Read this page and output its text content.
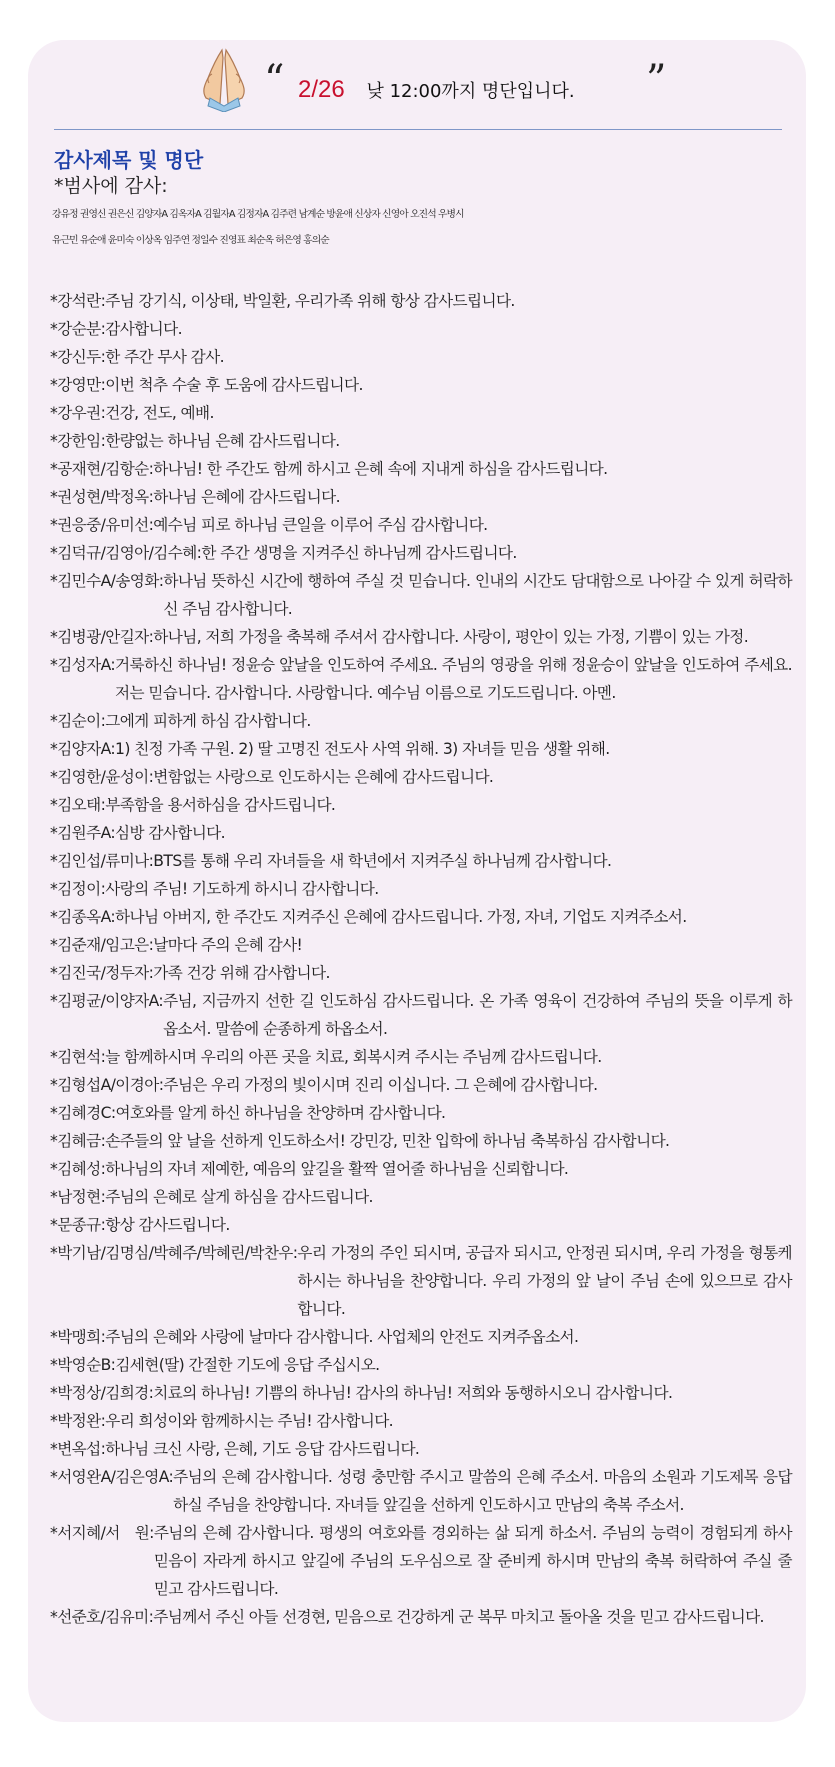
“ 2/26 낮 12:00까지 명단입니다. ”
감사제목 및 명단
*범사에 감사:
강유정 권영신 권은신 김양자A 김옥자A 김월자A 김정자A 김주련 남계순 방윤애 신상자 신영아 오진석 우병시
유근민 유순애 윤미숙 이상옥 임주연 정일수 진영표 최순옥 허은영 홍의순
*강석란: 주님 강기식, 이상태, 박일환, 우리가족 위해 항상 감사드립니다.
*강순분: 감사합니다.
*강신두: 한 주간 무사 감사.
*강영만: 이번 척추 수술 후 도움에 감사드립니다.
*강우권: 건강, 전도, 예배.
*강한임: 한량없는 하나님 은혜 감사드립니다.
*공재현/김항순: 하나님! 한 주간도 함께 하시고 은혜 속에 지내게 하심을 감사드립니다.
*권성현/박정옥: 하나님 은혜에 감사드립니다.
*권응중/유미선: 예수님 피로 하나님 큰일을 이루어 주심 감사합니다.
*김덕규/김영아/김수혜: 한 주간 생명을 지켜주신 하나님께 감사드립니다.
*김민수A/송영화: 하나님 뜻하신 시간에 행하여 주실 것 믿습니다. 인내의 시간도 담대함으로 나아갈 수 있게 허락하신 주님 감사합니다.
*김병광/안길자: 하나님, 저희 가정을 축복해 주셔서 감사합니다. 사랑이, 평안이 있는 가정, 기쁨이 있는 가정.
*김성자A: 거룩하신 하나님! 정윤승 앞날을 인도하여 주세요. 주님의 영광을 위해 정윤승이 앞날을 인도하여 주세요. 저는 믿습니다. 감사합니다. 사랑합니다. 예수님 이름으로 기도드립니다. 아멘.
*김순이: 그에게 피하게 하심 감사합니다.
*김양자A: 1) 친정 가족 구원. 2) 딸 고명진 전도사 사역 위해. 3) 자녀들 믿음 생활 위해.
*김영한/윤성이: 변함없는 사랑으로 인도하시는 은혜에 감사드립니다.
*김오태: 부족함을 용서하심을 감사드립니다.
*김원주A: 심방 감사합니다.
*김인섭/류미나: BTS를 통해 우리 자녀들을 새 학년에서 지켜주실 하나님께 감사합니다.
*김정이: 사랑의 주님! 기도하게 하시니 감사합니다.
*김종옥A: 하나님 아버지, 한 주간도 지켜주신 은혜에 감사드립니다. 가정, 자녀, 기업도 지켜주소서.
*김준재/임고은: 날마다 주의 은혜 감사!
*김진국/정두자: 가족 건강 위해 감사합니다.
*김평균/이양자A: 주님, 지금까지 선한 길 인도하심 감사드립니다. 온 가족 영육이 건강하여 주님의 뜻을 이루게 하옵소서. 말씀에 순종하게 하옵소서.
*김현석: 늘 함께하시며 우리의 아픈 곳을 치료, 회복시켜 주시는 주님께 감사드립니다.
*김형섭A/이경아: 주님은 우리 가정의 빛이시며 진리 이십니다. 그 은혜에 감사합니다.
*김혜경C: 여호와를 알게 하신 하나님을 찬양하며 감사합니다.
*김혜금: 손주들의 앞 날을 선하게 인도하소서! 강민강, 민찬 입학에 하나님 축복하심 감사합니다.
*김혜성: 하나님의 자녀 제예한, 예음의 앞길을 활짝 열어줄 하나님을 신뢰합니다.
*남정현: 주님의 은혜로 살게 하심을 감사드립니다.
*문종규: 항상 감사드립니다.
*박기남/김명심/박혜주/박혜린/박찬우: 우리 가정의 주인 되시며, 공급자 되시고, 안정권 되시며, 우리 가정을 형통케 하시는 하나님을 찬양합니다. 우리 가정의 앞 날이 주님 손에 있으므로 감사합니다.
*박맹희: 주님의 은혜와 사랑에 날마다 감사합니다. 사업체의 안전도 지켜주옵소서.
*박영순B: 김세현(딸) 간절한 기도에 응답 주십시오.
*박정상/김희경: 치료의 하나님! 기쁨의 하나님! 감사의 하나님! 저희와 동행하시오니 감사합니다.
*박정완: 우리 희성이와 함께하시는 주님! 감사합니다.
*변옥섭: 하나님 크신 사랑, 은혜, 기도 응답 감사드립니다.
*서영완A/김은영A: 주님의 은혜 감사합니다. 성령 충만함 주시고 말씀의 은혜 주소서. 마음의 소원과 기도제목 응답하실 주님을 찬양합니다. 자녀들 앞길을 선하게 인도하시고 만남의 축복 주소서.
*서지혜/서　원: 주님의 은혜 감사합니다. 평생의 여호와를 경외하는 삶 되게 하소서. 주님의 능력이 경험되게 하사 믿음이 자라게 하시고 앞길에 주님의 도우심으로 잘 준비케 하시며 만남의 축복 허락하여 주실 줄 믿고 감사드립니다.
*선준호/김유미: 주님께서 주신 아들 선경현, 믿음으로 건강하게 군 복무 마치고 돌아올 것을 믿고 감사드립니다.
